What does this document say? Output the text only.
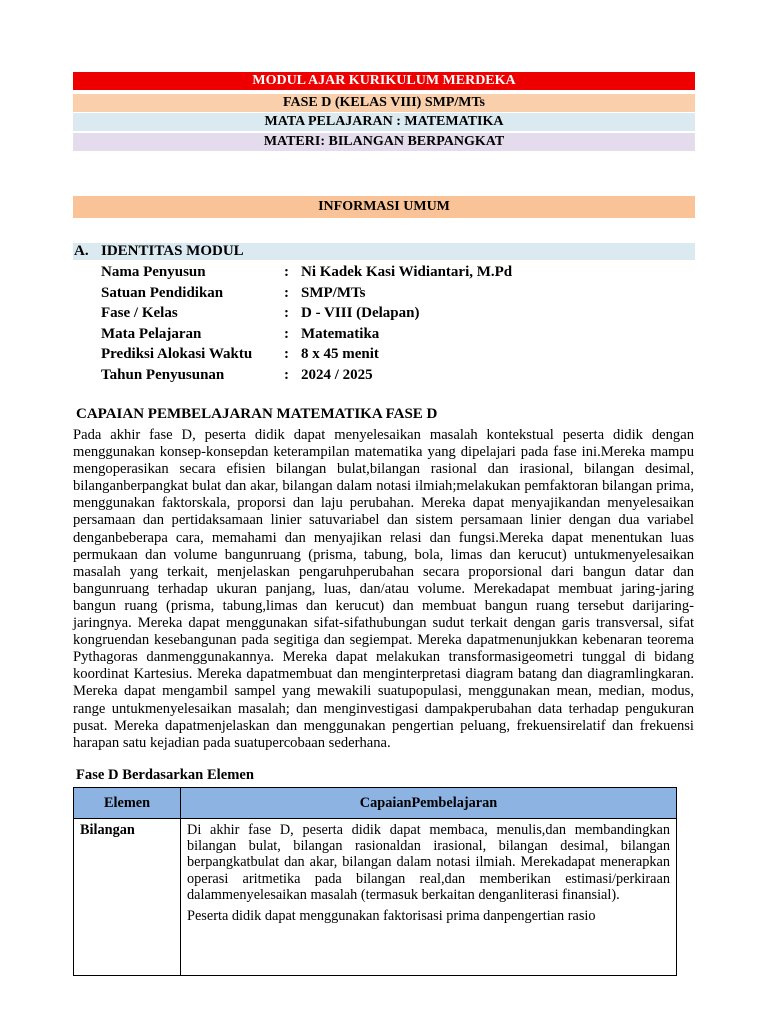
MODUL AJAR KURIKULUM MERDEKA
FASE D (KELAS VIII) SMP/MTs
MATA PELAJARAN : MATEMATIKA
MATERI: BILANGAN BERPANGKAT
INFORMASI UMUM
A. IDENTITAS MODUL
Nama Penyusun	: Ni Kadek Kasi Widiantari, M.Pd
Satuan Pendidikan	: SMP/MTs
Fase / Kelas	: D - VIII (Delapan)
Mata Pelajaran	: Matematika
Prediksi Alokasi Waktu : 8 x 45 menit
Tahun Penyusunan	: 2024 / 2025
CAPAIAN PEMBELAJARAN MATEMATIKA FASE D

Pada akhir fase D, peserta didik dapat menyelesaikan masalah kontekstual peserta didik dengan menggunakan konsep-konsepdan keterampilan matematika yang dipelajari pada fase ini.Mereka mampu mengoperasikan secara efisien bilangan bulat,bilangan rasional dan irasional, bilangan desimal, bilanganberpangkat bulat dan akar, bilangan dalam notasi ilmiah;melakukan pemfaktoran bilangan prima, menggunakan faktorskala, proporsi dan laju perubahan. Mereka dapat menyajikandan menyelesaikan persamaan dan pertidaksamaan linier satuvariabel dan sistem persamaan linier dengan dua variabel denganbeberapa cara, memahami dan menyajikan relasi dan fungsi.Mereka dapat menentukan luas permukaan dan volume bangunruang (prisma, tabung, bola, limas dan kerucut) untukmenyelesaikan masalah yang terkait, menjelaskan pengaruhperubahan secara proporsional dari bangun datar dan bangunruang terhadap ukuran panjang, luas, dan/atau volume. Merekadapat membuat jaring-jaring bangun ruang (prisma, tabung,limas dan kerucut) dan membuat bangun ruang tersebut darijaring-jaringnya. Mereka dapat menggunakan sifat-sifathubungan sudut terkait dengan garis transversal, sifat kongruendan kesebangunan pada segitiga dan segiempat. Mereka dapatmenunjukkan kebenaran teorema Pythagoras danmenggunakannya. Mereka dapat melakukan transformasigeometri tunggal di bidang koordinat Kartesius. Mereka dapatmembuat dan menginterpretasi diagram batang dan diagramlingkaran. Mereka dapat mengambil sampel yang mewakili suatupopulasi, menggunakan mean, median, modus, range untukmenyelesaikan masalah; dan menginvestigasi dampakperubahan data terhadap pengukuran pusat. Mereka dapatmenjelaskan dan menggunakan pengertian peluang, frekuensirelatif dan frekuensi harapan satu kejadian pada suatupercobaan sederhana.

Fase D Berdasarkan Elemen
Elemen	CapaianPembelajaran
Bilangan	Di akhir fase D, peserta didik dapat membaca, menulis,dan membandingkan bilangan bulat, bilangan rasionaldan irasional, bilangan desimal, bilangan berpangkatbulat dan akar, bilangan dalam notasi ilmiah. Merekadapat menerapkan operasi aritmetika pada bilangan real,dan memberikan estimasi/perkiraan dalammenyelesaikan masalah (termasuk berkaitan denganliterasi finansial).

Peserta didik dapat menggunakan faktorisasi prima danpengertian rasio
